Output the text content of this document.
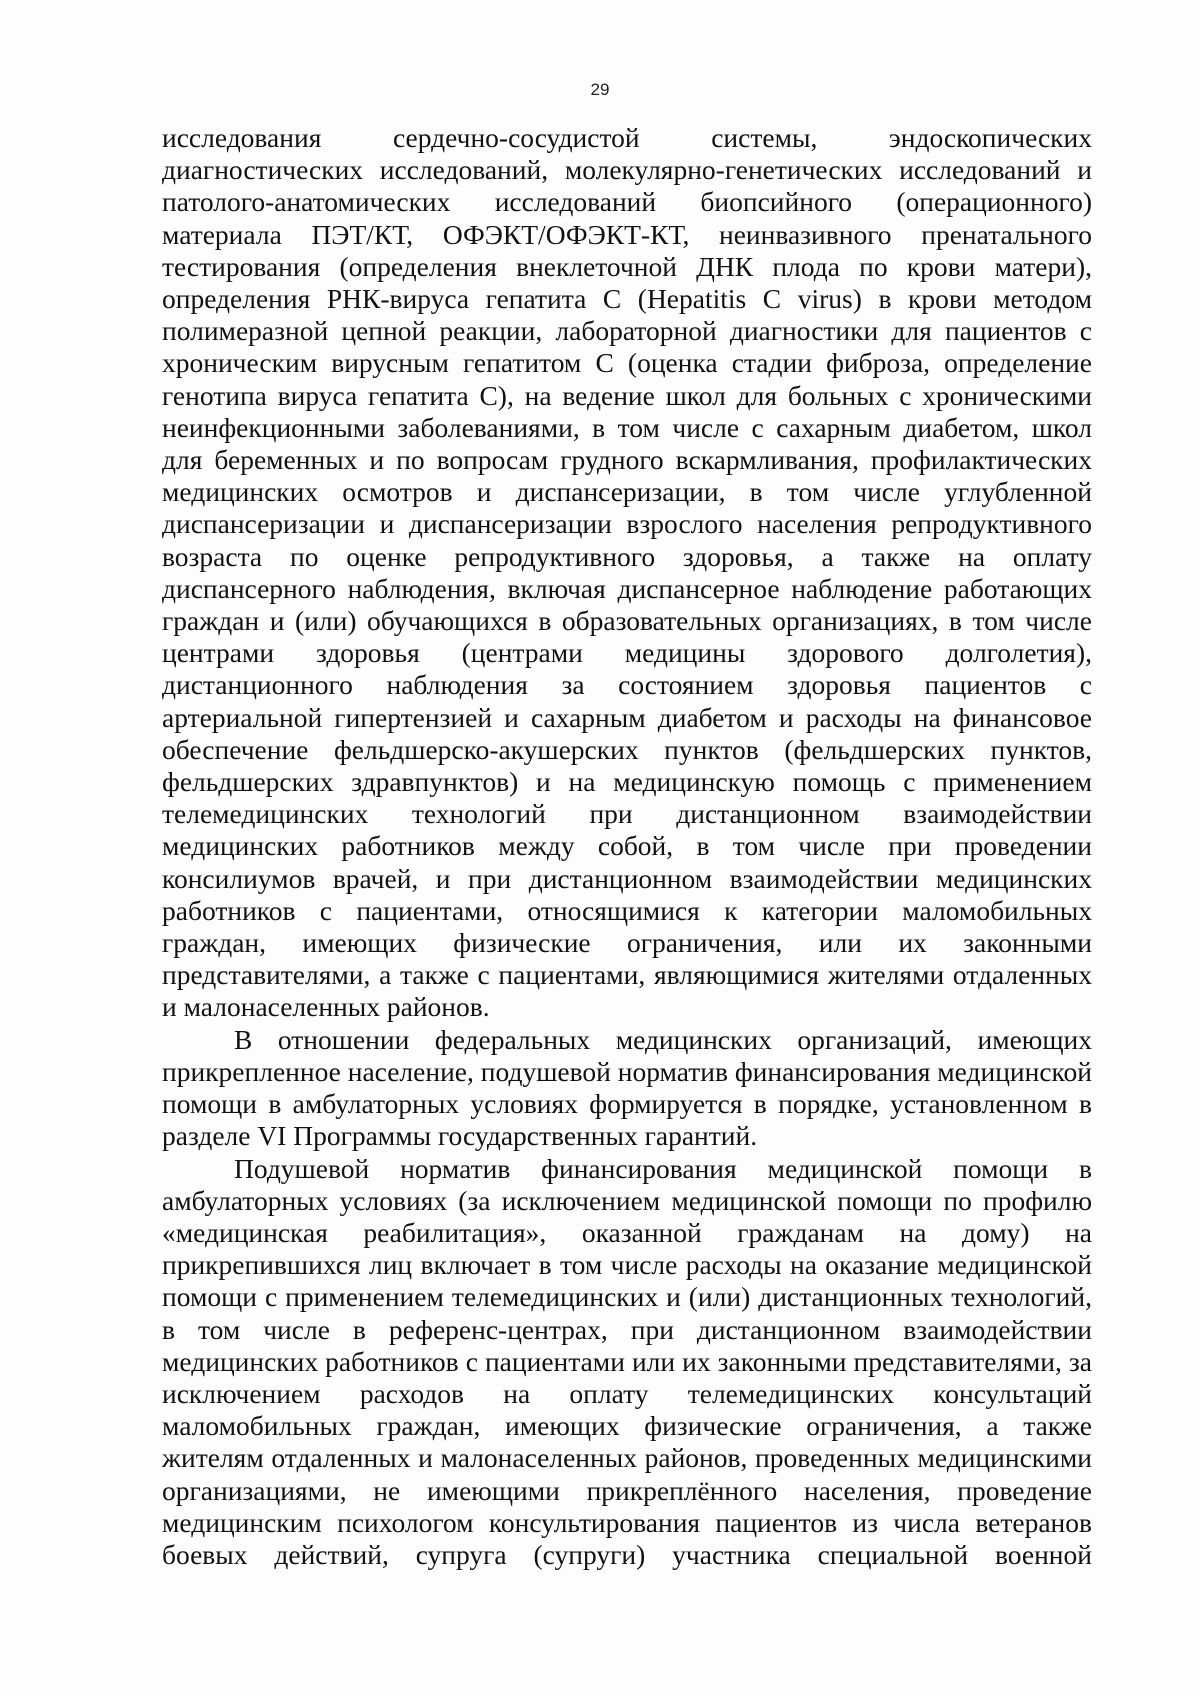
29

исследования сердечно-сосудистой системы, эндоскопических диагностических исследований, молекулярно-генетических исследований и патолого-анатомических исследований биопсийного (операционного) материала ПЭТ/КТ, ОФЭКТ/ОФЭКТ-КТ, неинвазивного пренатального тестирования (определения внеклеточной ДНК плода по крови матери), определения РНК-вируса гепатита С (Hepatitis C virus) в крови методом полимеразной цепной реакции, лабораторной диагностики для пациентов с хроническим вирусным гепатитом С (оценка стадии фиброза, определение генотипа вируса гепатита С), на ведение школ для больных с хроническими неинфекционными заболеваниями, в том числе с сахарным диабетом, школ для беременных и по вопросам грудного вскармливания, профилактических медицинских осмотров и диспансеризации, в том числе углубленной диспансеризации и диспансеризации взрослого населения репродуктивного возраста по оценке репродуктивного здоровья, а также на оплату диспансерного наблюдения, включая диспансерное наблюдение работающих граждан и (или) обучающихся в образовательных организациях, в том числе центрами здоровья (центрами медицины здорового долголетия), дистанционного наблюдения за состоянием здоровья пациентов с артериальной гипертензией и сахарным диабетом и расходы на финансовое обеспечение фельдшерско-акушерских пунктов (фельдшерских пунктов, фельдшерских здравпунктов) и на медицинскую помощь с применением телемедицинских технологий при дистанционном взаимодействии медицинских работников между собой, в том числе при проведении консилиумов врачей, и при дистанционном взаимодействии медицинских работников с пациентами, относящимися к категории маломобильных граждан, имеющих физические ограничения, или их законными представителями, а также с пациентами, являющимися жителями отдаленных и малонаселенных районов.

В отношении федеральных медицинских организаций, имеющих прикрепленное население, подушевой норматив финансирования медицинской помощи в амбулаторных условиях формируется в порядке, установленном в разделе VI Программы государственных гарантий.

Подушевой норматив финансирования медицинской помощи в амбулаторных условиях (за исключением медицинской помощи по профилю «медицинская реабилитация», оказанной гражданам на дому) на прикрепившихся лиц включает в том числе расходы на оказание медицинской помощи с применением телемедицинских и (или) дистанционных технологий, в том числе в референс-центрах, при дистанционном взаимодействии медицинских работников с пациентами или их законными представителями, за исключением расходов на оплату телемедицинских консультаций маломобильных граждан, имеющих физические ограничения, а также жителям отдаленных и малонаселенных районов, проведенных медицинскими организациями, не имеющими прикреплённого населения, проведение медицинским психологом консультирования пациентов из числа ветеранов боевых действий, супруга (супруги) участника специальной военной
